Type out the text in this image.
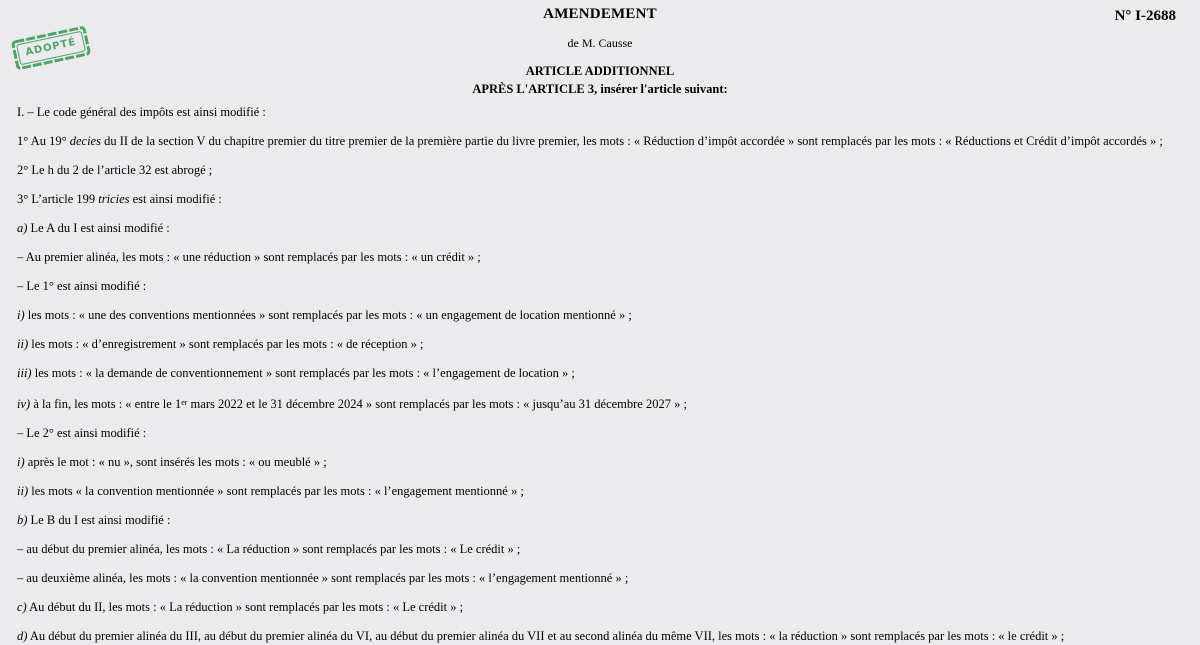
ADOPTÉ
AMENDEMENT	N° I-2688
de M. Causse
ARTICLE ADDITIONNEL
APRÈS L'ARTICLE 3, insérer l'article suivant:

I. – Le code général des impôts est ainsi modifié :

1° Au 19° decies du II de la section V du chapitre premier du titre premier de la première partie du livre premier, les mots : « Réduction d’impôt accordée » sont remplacés par les mots : « Réductions et Crédit d’impôt accordés » ;

2° Le h du 2 de l’article 32 est abrogé ;

3° L’article 199 tricies est ainsi modifié :

a) Le A du I est ainsi modifié :

– Au premier alinéa, les mots : « une réduction » sont remplacés par les mots : « un crédit » ;

– Le 1° est ainsi modifié :

i) les mots : « une des conventions mentionnées » sont remplacés par les mots : « un engagement de location mentionné » ;

ii) les mots : « d’enregistrement » sont remplacés par les mots : « de réception » ;

iii) les mots : « la demande de conventionnement » sont remplacés par les mots : « l’engagement de location » ;

iv) à la fin, les mots : « entre le 1er mars 2022 et le 31 décembre 2024 » sont remplacés par les mots : « jusqu’au 31 décembre 2027 » ;

– Le 2° est ainsi modifié :

i) après le mot : « nu », sont insérés les mots : « ou meublé » ;

ii) les mots « la convention mentionnée » sont remplacés par les mots : « l’engagement mentionné » ;

b) Le B du I est ainsi modifié :

– au début du premier alinéa, les mots : « La réduction » sont remplacés par les mots : « Le crédit » ;

– au deuxième alinéa, les mots : « la convention mentionnée » sont remplacés par les mots : « l’engagement mentionné » ;

c) Au début du II, les mots : « La réduction » sont remplacés par les mots : « Le crédit » ;

d) Au début du premier alinéa du III, au début du premier alinéa du VI, au début du premier alinéa du VII et au second alinéa du même VII, les mots : « la réduction » sont remplacés par les mots : « le crédit » ;
